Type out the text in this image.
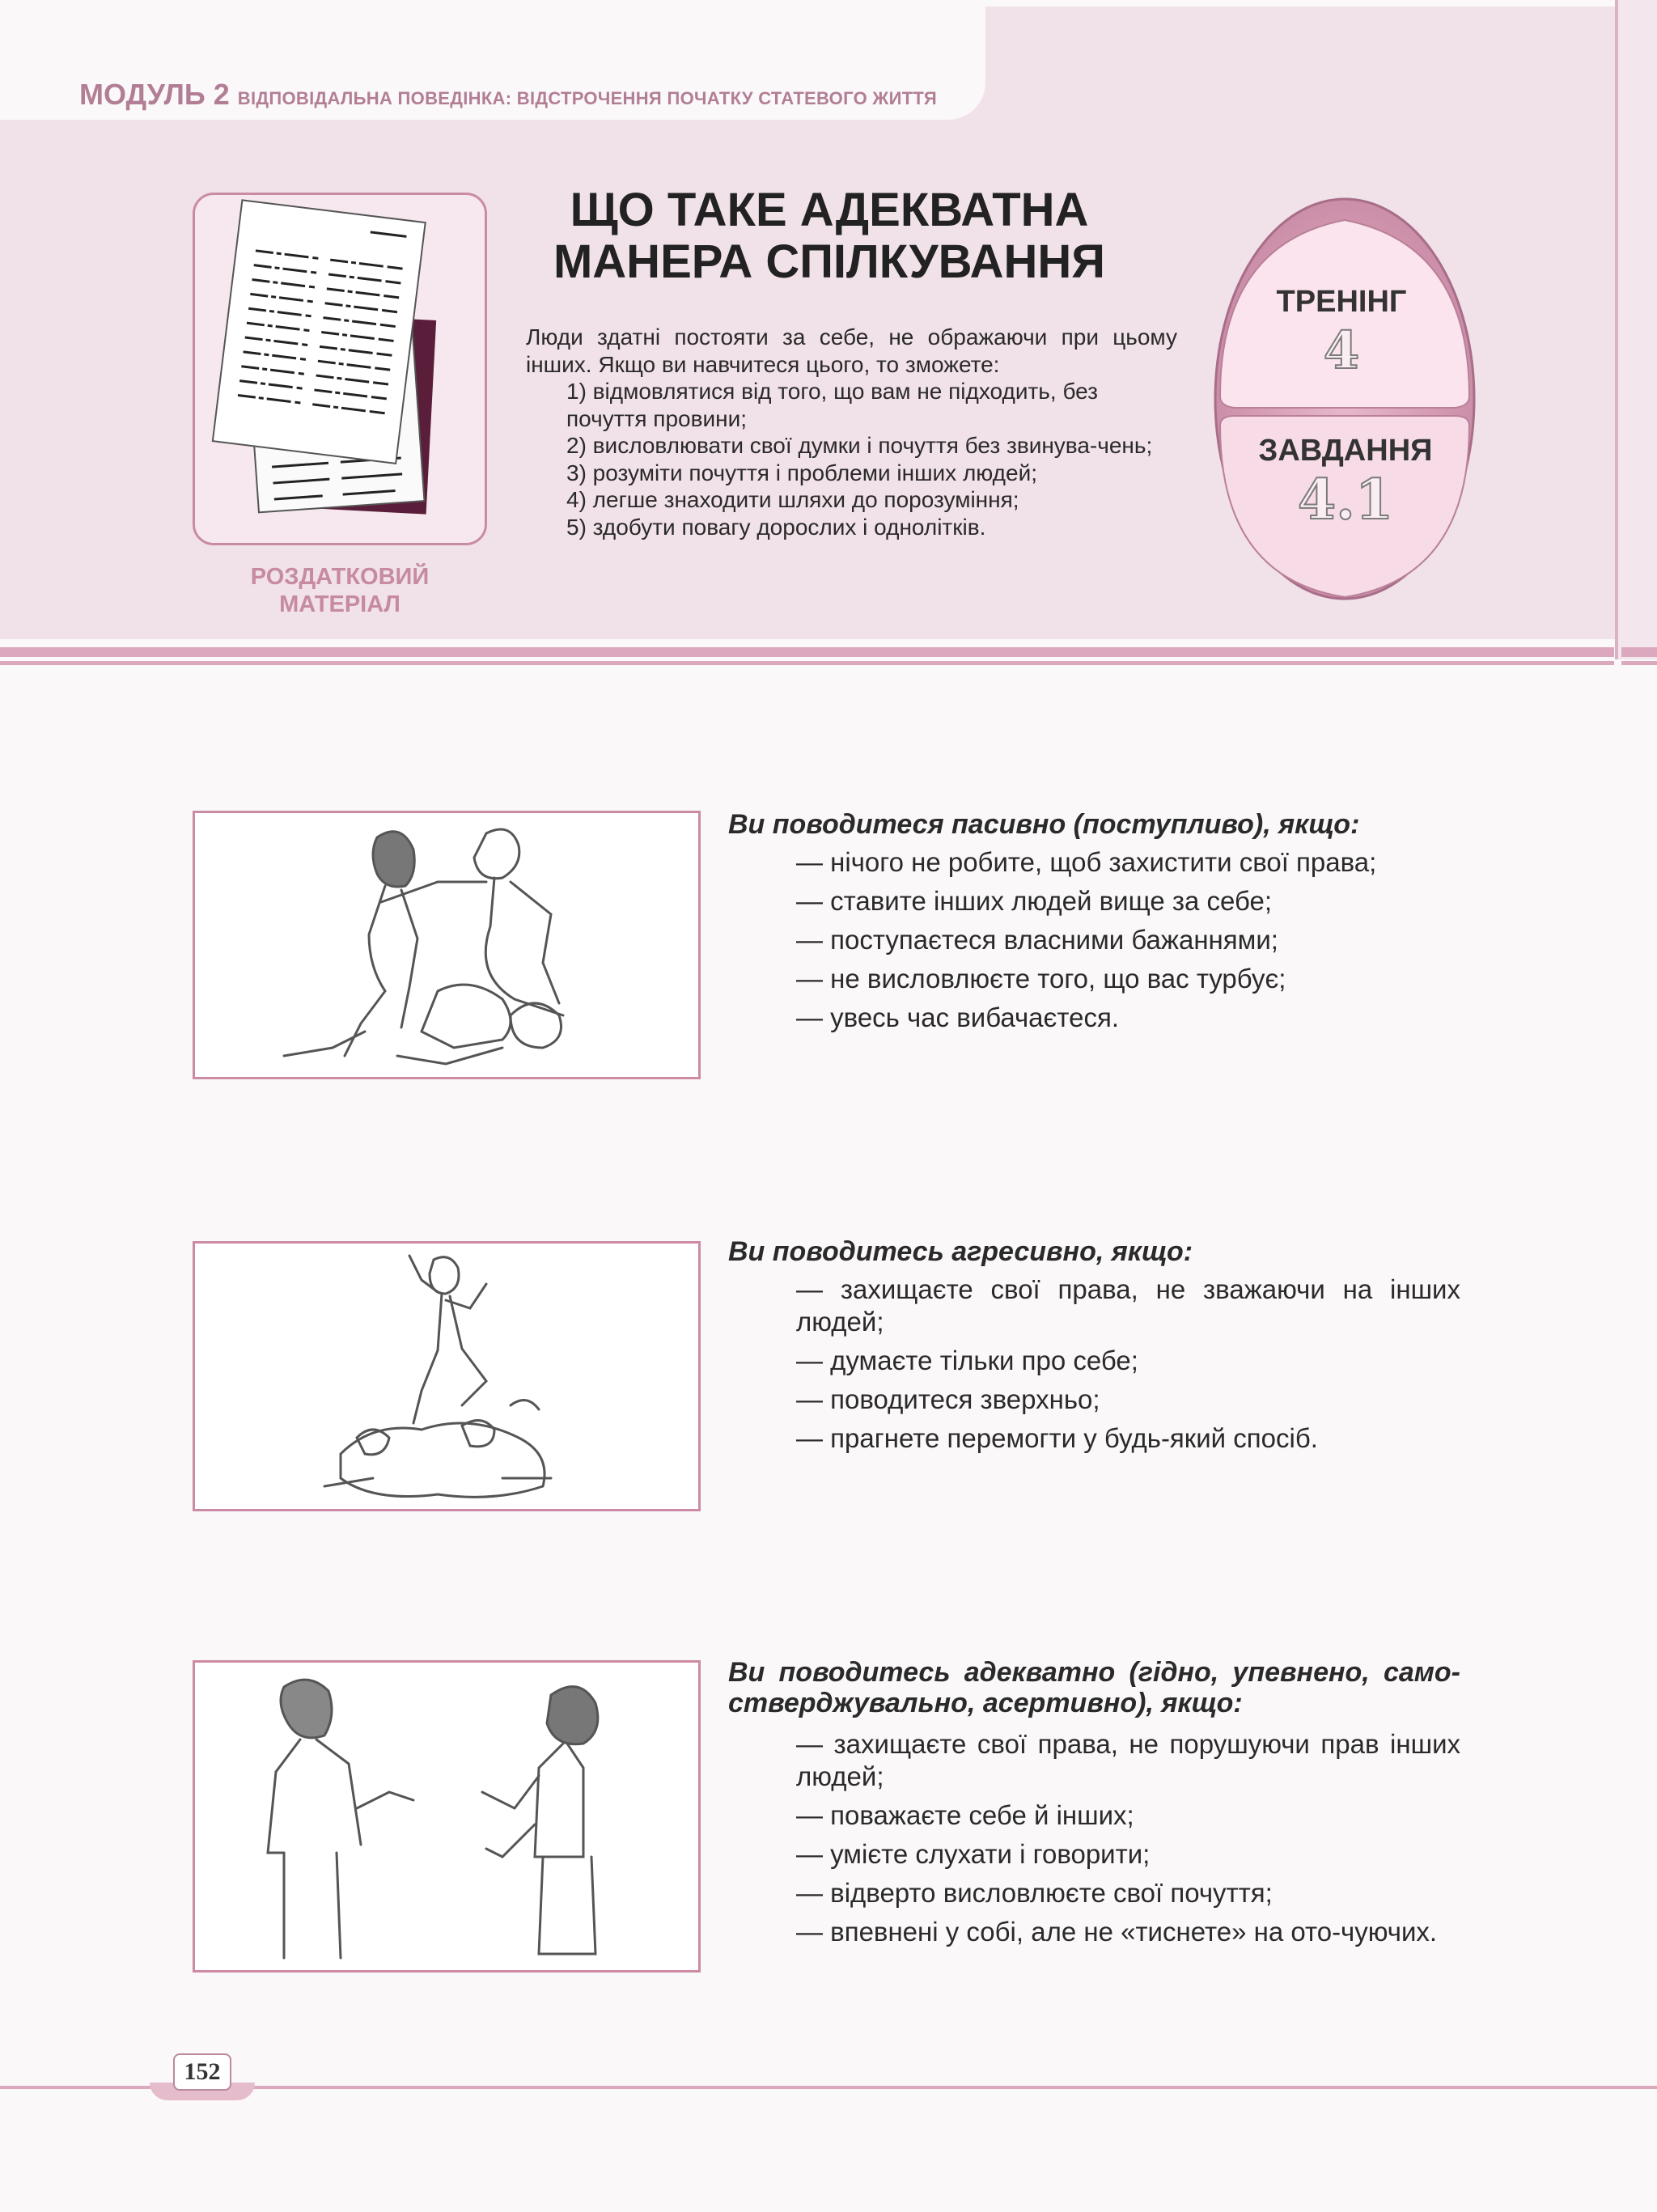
МОДУЛЬ 2 ВІДПОВІДАЛЬНА ПОВЕДІНКА: ВІДСТРОЧЕННЯ ПОЧАТКУ СТАТЕВОГО ЖИТТЯ
РОЗДАТКОВИЙ
МАТЕРІАЛ
ЩО ТАКЕ АДЕКВАТНА
МАНЕРА СПІЛКУВАННЯ
Люди здатні постояти за себе, не ображаючи при цьому інших. Якщо ви навчитеся цього, то зможете:
1) відмовлятися від того, що вам не підходить, без почуття провини;
2) висловлювати свої думки і почуття без звинува-чень;
3) розуміти почуття і проблеми інших людей;
4) легше знаходити шляхи до порозуміння;
5) здобути повагу дорослих і однолітків.
ТРЕНІНГ
4
ЗАВДАННЯ
4.1
Ви поводитеся пасивно (поступливо), якщо:
— нічого не робите, щоб захистити свої права;
— ставите інших людей вище за себе;
— поступаєтеся власними бажаннями;
— не висловлюєте того, що вас турбує;
— увесь час вибачаєтеся.
Ви поводитесь агресивно, якщо:
— захищаєте свої права, не зважаючи на інших людей;
— думаєте тільки про себе;
— поводитеся зверхньо;
— прагнете перемогти у будь-який спосіб.
Ви поводитесь адекватно (гідно, упевнено, само-стверджувально, асертивно), якщо:
— захищаєте свої права, не порушуючи прав інших людей;
— поважаєте себе й інших;
— умієте слухати і говорити;
— відверто висловлюєте свої почуття;
— впевнені у собі, але не «тиснете» на ото-чуючих.
152
